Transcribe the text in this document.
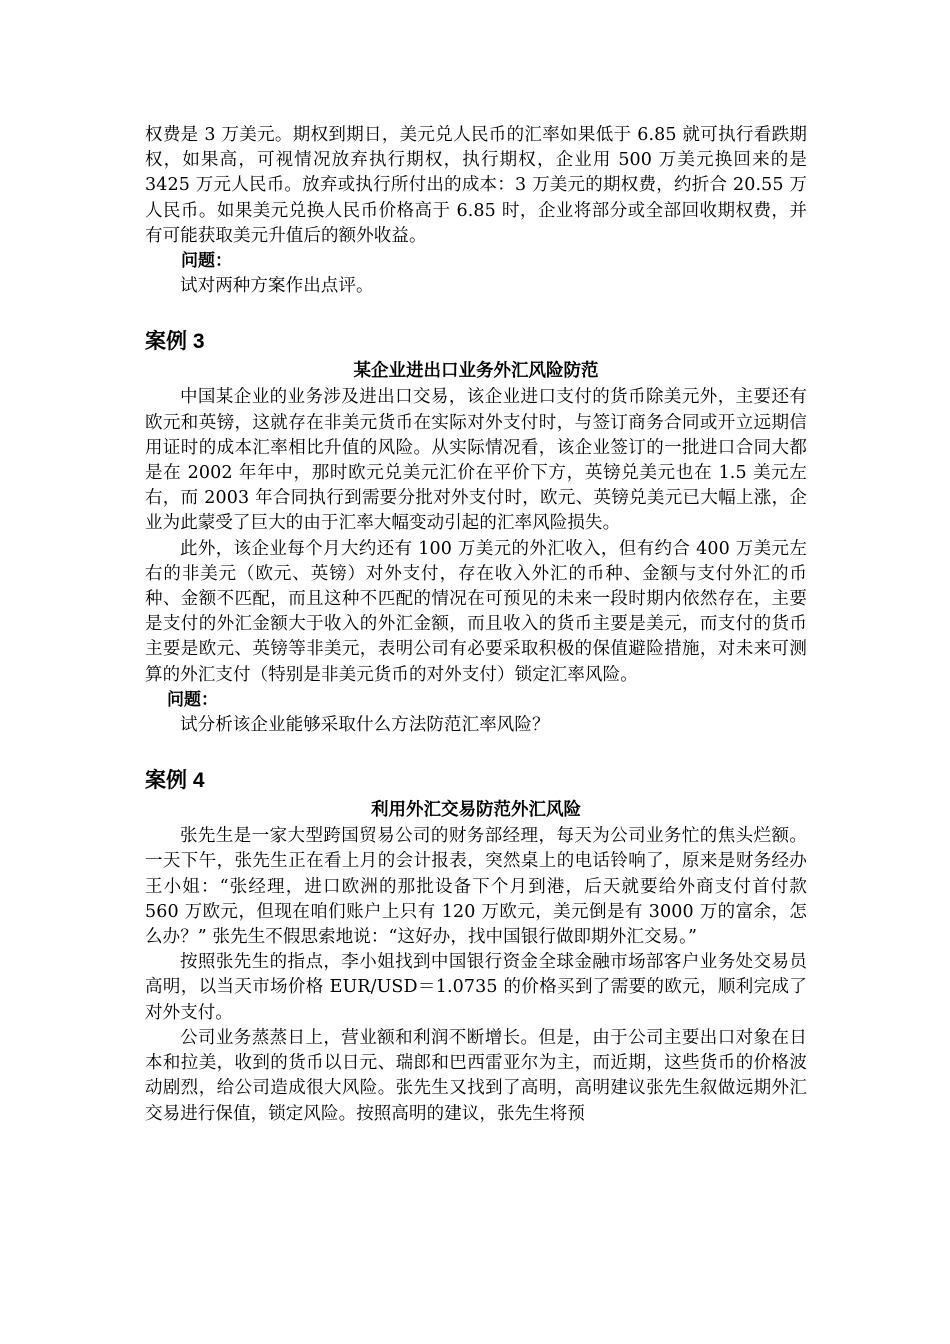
权费是 3 万美元。期权到期日，美元兑人民币的汇率如果低于 6.85 就可执行看跌期权，如果高，可视情况放弃执行期权，执行期权，企业用 500 万美元换回来的是 3425 万元人民币。放弃或执行所付出的成本：3 万美元的期权费，约折合 20.55 万人民币。如果美元兑换人民币价格高于 6.85 时，企业将部分或全部回收期权费，并有可能获取美元升值后的额外收益。

问题：

试对两种方案作出点评。

案例 3
某企业进出口业务外汇风险防范

中国某企业的业务涉及进出口交易，该企业进口支付的货币除美元外，主要还有欧元和英镑，这就存在非美元货币在实际对外支付时，与签订商务合同或开立远期信用证时的成本汇率相比升值的风险。从实际情况看，该企业签订的一批进口合同大都是在 2002 年年中，那时欧元兑美元汇价在平价下方，英镑兑美元也在 1.5 美元左右，而 2003 年合同执行到需要分批对外支付时，欧元、英镑兑美元已大幅上涨，企业为此蒙受了巨大的由于汇率大幅变动引起的汇率风险损失。

此外，该企业每个月大约还有 100 万美元的外汇收入，但有约合 400 万美元左右的非美元（欧元、英镑）对外支付，存在收入外汇的币种、金额与支付外汇的币种、金额不匹配，而且这种不匹配的情况在可预见的未来一段时期内依然存在，主要是支付的外汇金额大于收入的外汇金额，而且收入的货币主要是美元，而支付的货币主要是欧元、英镑等非美元，表明公司有必要采取积极的保值避险措施，对未来可测算的外汇支付（特别是非美元货币的对外支付）锁定汇率风险。

问题：

试分析该企业能够采取什么方法防范汇率风险？

案例 4
利用外汇交易防范外汇风险

张先生是一家大型跨国贸易公司的财务部经理，每天为公司业务忙的焦头烂额。一天下午，张先生正在看上月的会计报表，突然桌上的电话铃响了，原来是财务经办王小姐：“张经理，进口欧洲的那批设备下个月到港，后天就要给外商支付首付款 560 万欧元，但现在咱们账户上只有 120 万欧元，美元倒是有 3000 万的富余，怎么办？” 张先生不假思索地说：“这好办，找中国银行做即期外汇交易。”

按照张先生的指点，李小姐找到中国银行资金全球金融市场部客户业务处交易员高明，以当天市场价格 EUR/USD＝1.0735 的价格买到了需要的欧元，顺利完成了对外支付。

公司业务蒸蒸日上，营业额和利润不断增长。但是，由于公司主要出口对象在日本和拉美，收到的货币以日元、瑞郎和巴西雷亚尔为主，而近期，这些货币的价格波动剧烈，给公司造成很大风险。张先生又找到了高明，高明建议张先生叙做远期外汇交易进行保值，锁定风险。按照高明的建议，张先生将预
